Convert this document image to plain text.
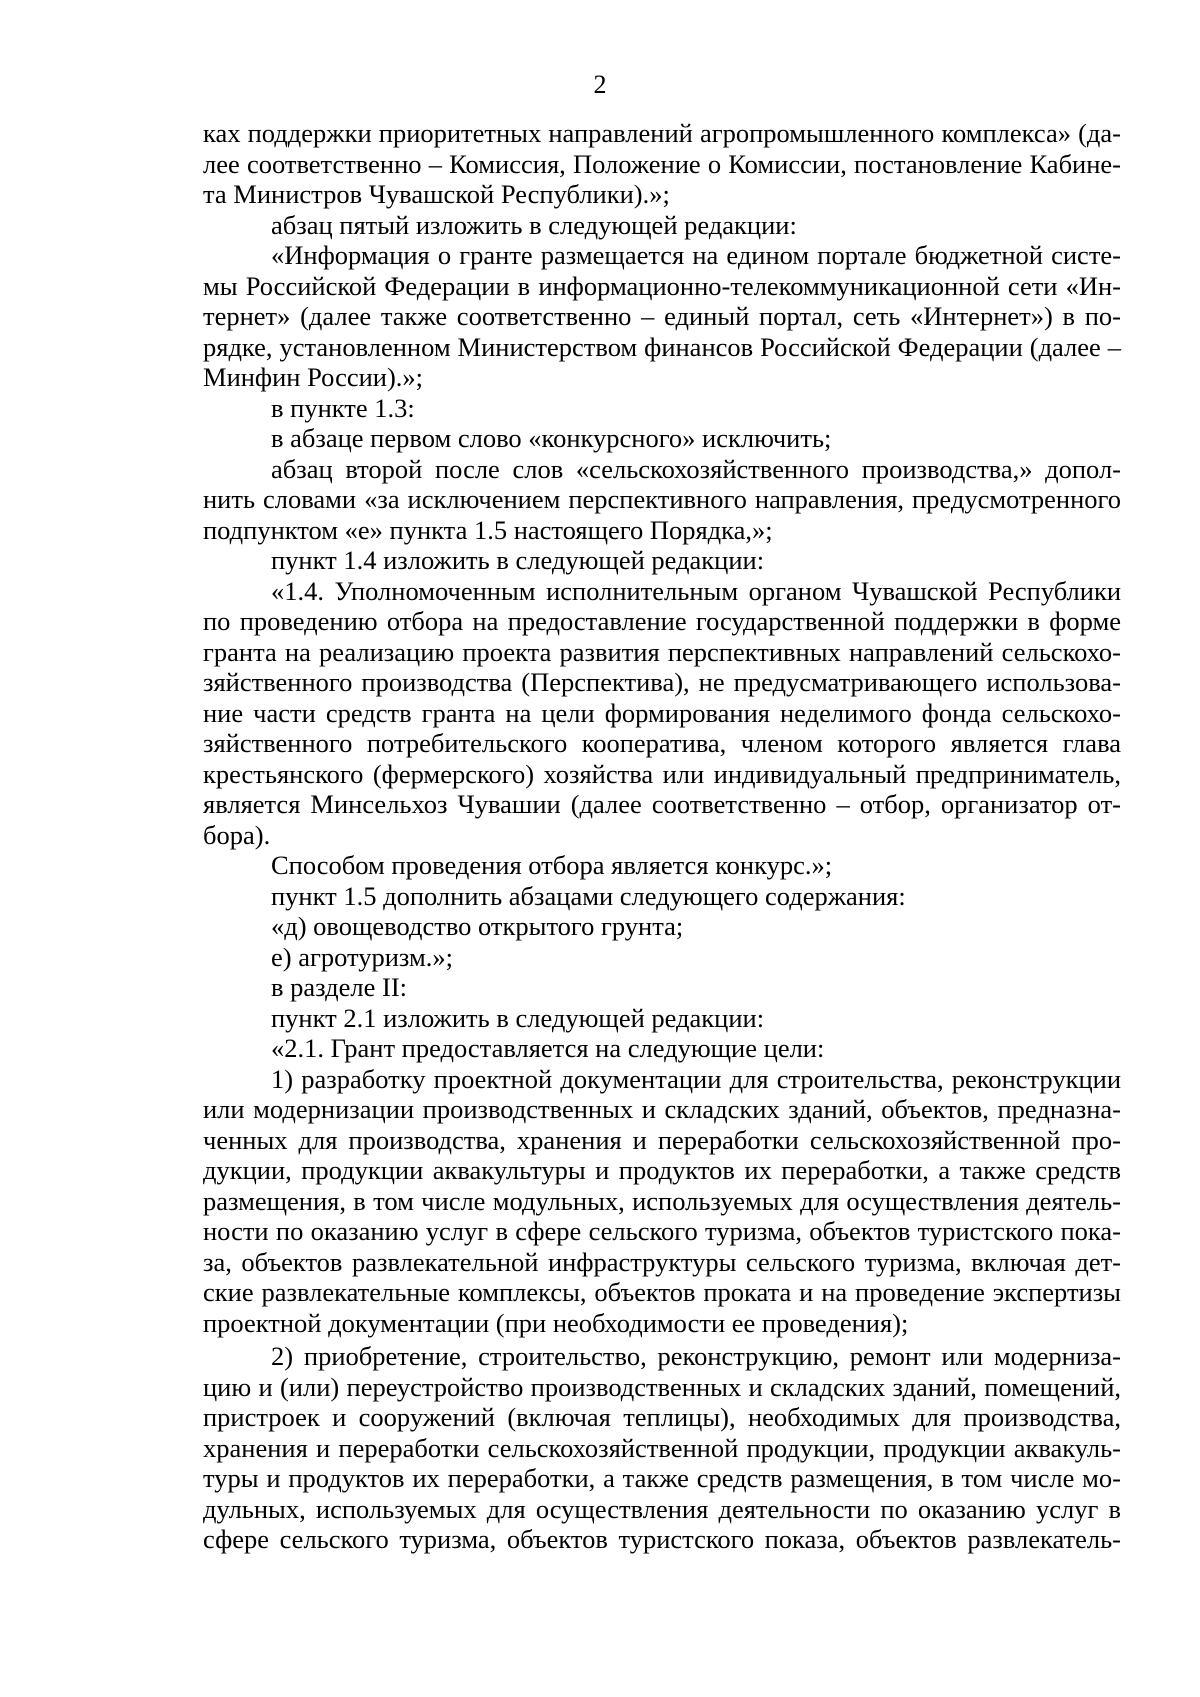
2
ках поддержки приоритетных направлений агропромышленного комплекса» (да-
лее соответственно – Комиссия, Положение о Комиссии, постановление Кабине-
та Министров Чувашской Республики).»;
абзац пятый изложить в следующей редакции:
«Информация о гранте размещается на едином портале бюджетной систе-
мы Российской Федерации в информационно-телекоммуникационной сети «Ин-
тернет» (далее также соответственно – единый портал, сеть «Интернет») в по-
рядке, установленном Министерством финансов Российской Федерации (далее –
Минфин России).»;
в пункте 1.3:
в абзаце первом слово «конкурсного» исключить;
абзац второй после слов «сельскохозяйственного производства,» допол-
нить словами «за исключением перспективного направления, предусмотренного
подпунктом «е» пункта 1.5 настоящего Порядка,»;
пункт 1.4 изложить в следующей редакции:
«1.4. Уполномоченным исполнительным органом Чувашской Республики
по проведению отбора на предоставление государственной поддержки в форме
гранта на реализацию проекта развития перспективных направлений сельскохо-
зяйственного производства (Перспектива), не предусматривающего использова-
ние части средств гранта на цели формирования неделимого фонда сельскохо-
зяйственного потребительского кооператива, членом которого является глава
крестьянского (фермерского) хозяйства или индивидуальный предприниматель,
является Минсельхоз Чувашии (далее соответственно – отбор, организатор от-
бора).
Способом проведения отбора является конкурс.»;
пункт 1.5 дополнить абзацами следующего содержания:
«д) овощеводство открытого грунта;
е) агротуризм.»;
в разделе II:
пункт 2.1 изложить в следующей редакции:
«2.1. Грант предоставляется на следующие цели:
1) разработку проектной документации для строительства, реконструкции
или модернизации производственных и складских зданий, объектов, предназна-
ченных для производства, хранения и переработки сельскохозяйственной про-
дукции, продукции аквакультуры и продуктов их переработки, а также средств
размещения, в том числе модульных, используемых для осуществления деятель-
ности по оказанию услуг в сфере сельского туризма, объектов туристского пока-
за, объектов развлекательной инфраструктуры сельского туризма, включая дет-
ские развлекательные комплексы, объектов проката и на проведение экспертизы
проектной документации (при необходимости ее проведения);
2) приобретение, строительство, реконструкцию, ремонт или модерниза-
цию и (или) переустройство производственных и складских зданий, помещений,
пристроек и сооружений (включая теплицы), необходимых для производства,
хранения и переработки сельскохозяйственной продукции, продукции аквакуль-
туры и продуктов их переработки, а также средств размещения, в том числе мо-
дульных, используемых для осуществления деятельности по оказанию услуг в
сфере сельского туризма, объектов туристского показа, объектов развлекатель-
